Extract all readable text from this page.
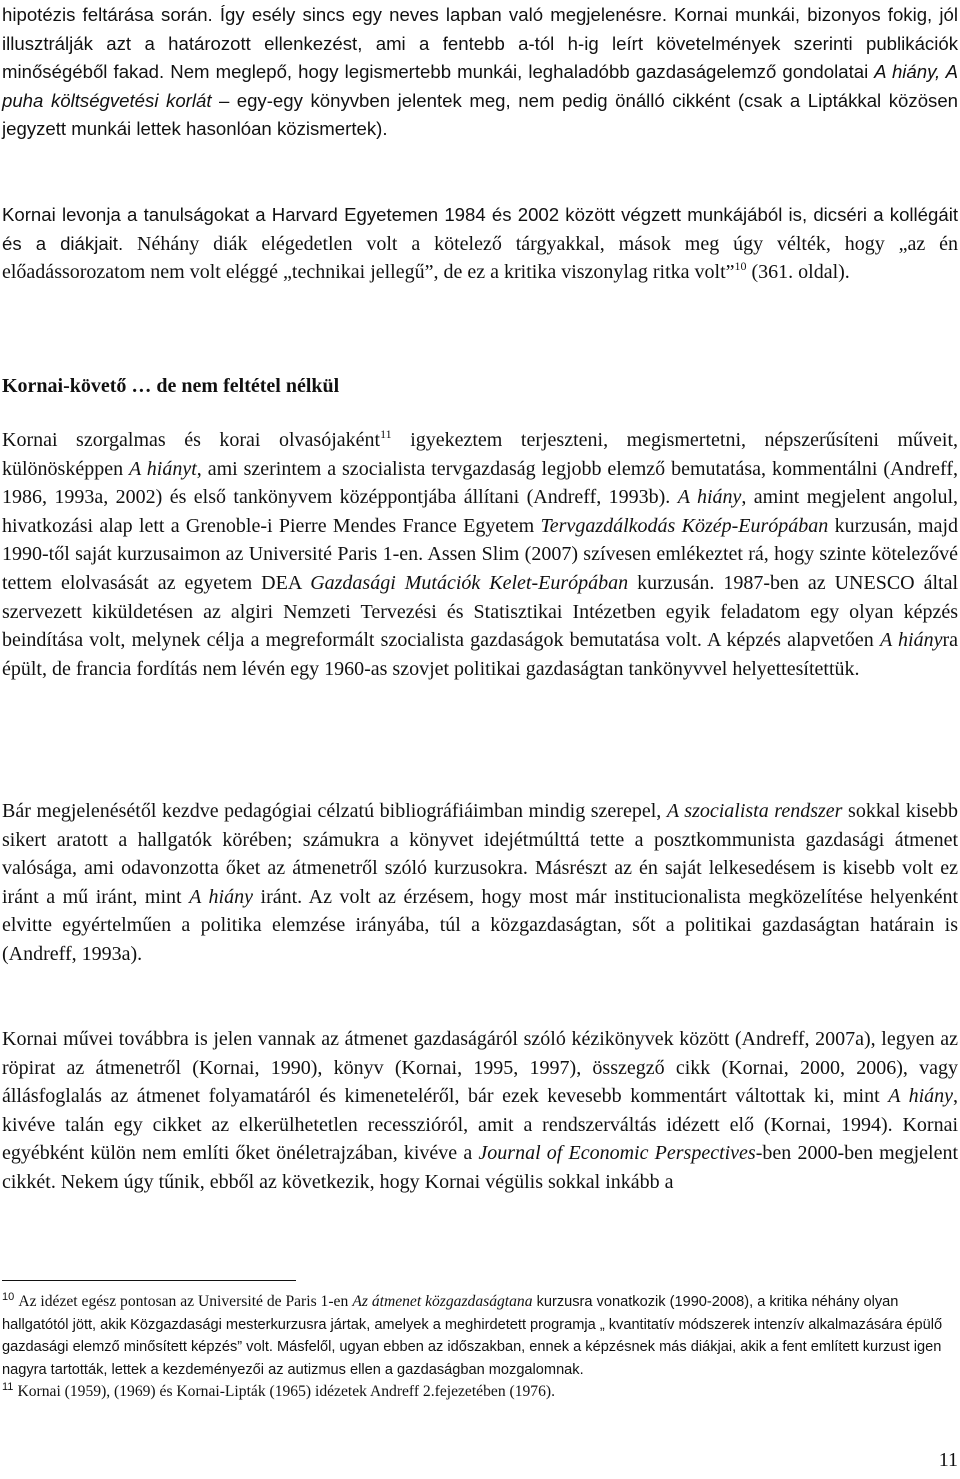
hipotézis feltárása során. Így esély sincs egy neves lapban való megjelenésre. Kornai munkái, bizonyos fokig, jól illusztrálják azt a határozott ellenkezést, ami a fentebb a-tól h-ig leírt követelmények szerinti publikációk minőségéből fakad. Nem meglepő, hogy legismertebb munkái, leghaladóbb gazdaságelemző gondolatai A hiány, A puha költségvetési korlát – egy-egy könyvben jelentek meg, nem pedig önálló cikként (csak a Liptákkal közösen jegyzett munkái lettek hasonlóan közismertek).

Kornai levonja a tanulságokat a Harvard Egyetemen 1984 és 2002 között végzett munkájából is, dicséri a kollégáit és a diákjait. Néhány diák elégedetlen volt a kötelező tárgyakkal, mások meg úgy vélték, hogy „az én előadássorozatom nem volt eléggé „technikai jellegű”, de ez a kritika viszonylag ritka volt”$^{10}$ (361. oldal).

Kornai-követő … de nem feltétel nélkül

Kornai szorgalmas és korai olvasójaként$^{11}$ igyekeztem terjeszteni, megismertetni, népszerűsíteni műveit, különösképpen A hiányt, ami szerintem a szocialista tervgazdaság legjobb elemző bemutatása, kommentálni (Andreff, 1986, 1993a, 2002) és első tankönyvem középpontjába állítani (Andreff, 1993b). A hiány, amint megjelent angolul, hivatkozási alap lett a Grenoble-i Pierre Mendes France Egyetem Tervgazdálkodás Közép-Európában kurzusán, majd 1990-től saját kurzusaimon az Université Paris 1-en. Assen Slim (2007) szívesen emlékeztet rá, hogy szinte kötelezővé tettem elolvasását az egyetem DEA Gazdasági Mutációk Kelet-Európában kurzusán. 1987-ben az UNESCO által szervezett kiküldetésen az algiri Nemzeti Tervezési és Statisztikai Intézetben egyik feladatom egy olyan képzés beindítása volt, melynek célja a megreformált szocialista gazdaságok bemutatása volt. A képzés alapvetően A hiányra épült, de francia fordítás nem lévén egy 1960-as szovjet politikai gazdaságtan tankönyvvel helyettesítettük.

Bár megjelenésétől kezdve pedagógiai célzatú bibliográfiáimban mindig szerepel, A szocialista rendszer sokkal kisebb sikert aratott a hallgatók körében; számukra a könyvet idejétmúlttá tette a posztkommunista gazdasági átmenet valósága, ami odavonzotta őket az átmenetről szóló kurzusokra. Másrészt az én saját lelkesedésem is kisebb volt ez iránt a mű iránt, mint A hiány iránt. Az volt az érzésem, hogy most már institucionalista megközelítése helyenként elvitte egyértelműen a politika elemzése irányába, túl a közgazdaságtan, sőt a politikai gazdaságtan határain is (Andreff, 1993a).

Kornai művei továbbra is jelen vannak az átmenet gazdaságáról szóló kézikönyvek között (Andreff, 2007a), legyen az röpirat az átmenetről (Kornai, 1990), könyv (Kornai, 1995, 1997), összegző cikk (Kornai, 2000, 2006), vagy állásfoglalás az átmenet folyamatáról és kimeneteléről, bár ezek kevesebb kommentárt váltottak ki, mint A hiány, kivéve talán egy cikket az elkerülhetetlen recesszióról, amit a rendszerváltás idézett elő (Kornai, 1994). Kornai egyébként külön nem említi őket önéletrajzában, kivéve a Journal of Economic Perspectives-ben 2000-ben megjelent cikkét. Nekem úgy tűnik, ebből az következik, hogy Kornai végülis sokkal inkább a

$^{10}$ Az idézet egész pontosan az Université de Paris 1-en Az átmenet közgazdaságtana kurzusra vonatkozik (1990-2008), a kritika néhány olyan hallgatótól jött, akik Közgazdasági mesterkurzusra jártak, amelyek a meghirdetett programja „ kvantitatív módszerek intenzív alkalmazására épülő gazdasági elemző minősített képzés” volt. Másfelől, ugyan ebben az időszakban, ennek a képzésnek más diákjai, akik a fent említett kurzust igen nagyra tartották, lettek a kezdeményezői az autizmus ellen a gazdaságban mozgalomnak.
$^{11}$ Kornai (1959), (1969) és Kornai-Lipták (1965) idézetek Andreff 2.fejezetében (1976).
11
